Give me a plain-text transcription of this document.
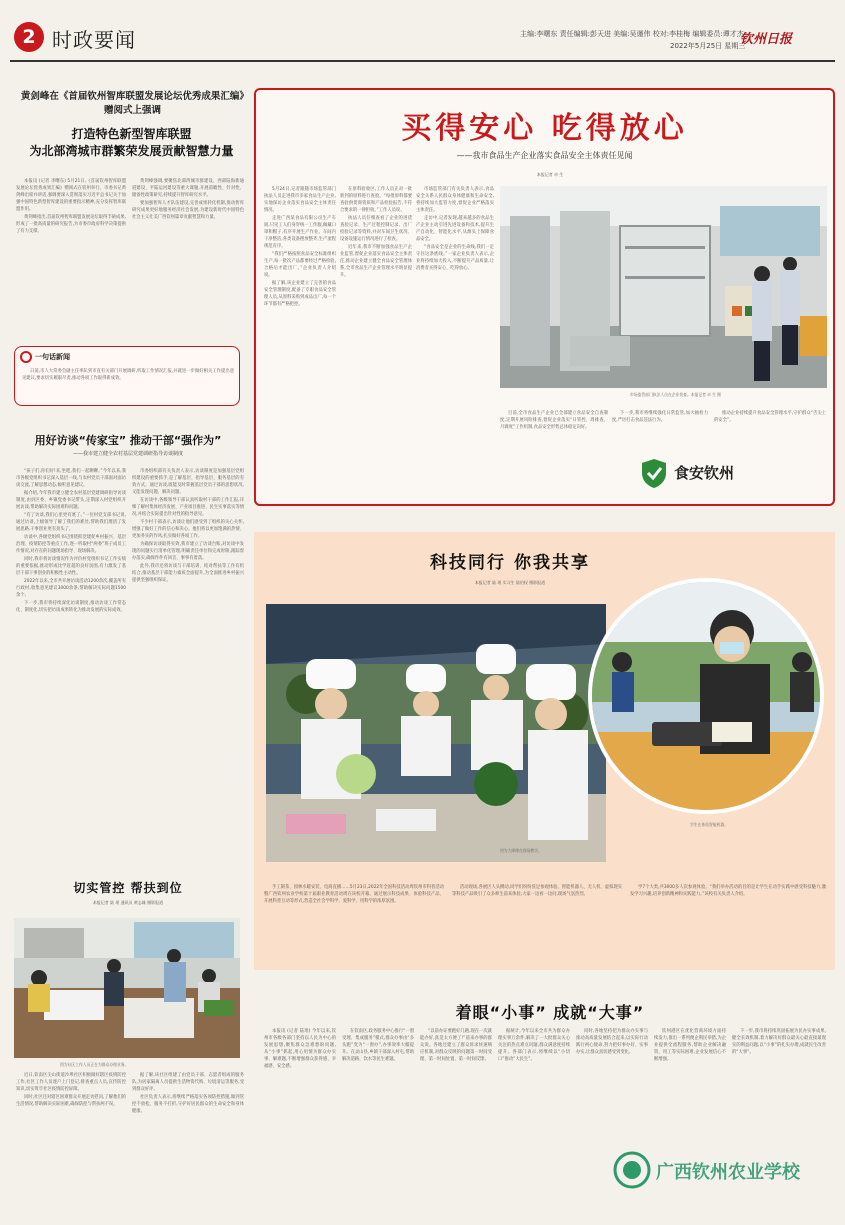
2 时政要闻	主编:李曙东 责任编辑:彭天进 美编:吴谨伟 校对:李桂梅 编辑委员:谭才杰
2022年5月25日 星期三
钦州日报
黄剑峰在《首届钦州智库联盟发展论坛优秀成果汇编》赠阅式上强调
打造特色新型智库联盟
为北部湾城市群繁荣发展贡献智慧力量

本报讯 (记者 李曙东) 5月21日,《首届钦州智库联盟发展论坛优秀成果汇编》赠阅式在钦州举行。市委书记黄剑峰出席并讲话,强调要深入贯彻落实习近平总书记关于加强中国特色新型智库建设的重要指示精神,充分发挥智库联盟作用。

黄剑峰指出,首届钦州智库联盟发展论坛取得丰硕成果,形成了一批高质量的研究报告,为市委市政府科学决策提供了有力支撑。

黄剑峰强调,要聚焦北部湾城市群建设、西部陆海新通道建设、平陆运河建设等重大课题,开展前瞻性、针对性、储备性政策研究,持续提升智库研究水平。

要加强智库人才队伍建设,完善成果转化机制,推动智库研究成果更好地服务经济社会发展,为建设新时代中国特色社会主义壮美广西钦州篇章贡献智慧和力量。

一句话新闻

日前,市人大常委会副主任率队到市直有关部门开展调研,听取工作情况汇报,并就进一步做好相关工作提出意见建议,要求切实履职尽责,推动各项工作取得新成效。

用好访谈“传家宝” 推动干部“强作为”
——我市建立健全农村基层党建调研指导访谈制度

“孩子们,你们好!来,坐吧,我们一起聊聊。”今年以来,我市各级党组织书记深入基层一线,与农村党员干部面对面访谈交流,了解思想动态,倾听意见建议。

据介绍,今年我市建立健全农村基层党建调研指导访谈制度,由县区委、乡镇党委书记带头,定期深入村党组织开展访谈,帮助解决实际困难和问题。

“有了访谈,我们心里更有底了。”一位村党支部书记说,通过访谈,上级领导了解了我们的难处,帮助我们理清了发展思路,干事创业更有劲头了。

访谈中,各级党组织书记围绕抓党建促乡村振兴、基层治理、疫情防控等重点工作,逐一听取村“两委”班子成员工作情况,对存在的问题现场指导、现场解决。

同时,我市将访谈情况作为评价村党组织书记工作实绩的重要依据,推动形成比学赶超的良好氛围,有力激发了基层干部干事创业的积极性主动性。

2022年以来,全市共开展访谈活动1200余次,覆盖所有行政村,收集意见建议3000余条,帮助解决实际问题1500余个。

下一步,我市将持续深化访谈制度,推动访谈工作常态化、制度化,切实把访谈成果转化为推动发展的实际成效。

市委组织部有关负责人表示,访谈制度是加强基层党组织建设的重要抓手,是了解基层、指导基层、服务基层的有效方式。通过访谈,既能及时掌握基层党员干部的思想状况,又能发现问题、解决问题。

在访谈中,各级领导干部认真听取村干部的工作汇报,详细了解村集体经济发展、产业项目推进、民生实事落实等情况,并结合实际提出针对性的指导意见。

不少村干部表示,访谈让他们感受到了组织的关心关怀,增强了做好工作的信心和决心。他们将以更加饱满的热情、更加务实的作风,扎实做好各项工作。

为确保访谈取得实效,我市建立了访谈台账,对访谈中发现的问题实行清单化管理,明确责任单位和完成时限,跟踪督办落实,确保件件有回音、事事有着落。

此外,我市还将访谈与干部培训、结对帮扶等工作有机结合,推动基层干部能力素质全面提升,为全面推进乡村振兴提供坚强组织保证。

切实管控 帮扶到位
本报记者 陆 瑶 通讯员 黄志雄 摄影报道
图为社区工作人员正在为群众办理业务。

近日,钦南区尖山街道沙埠社区积极做好辖区疫情防控工作,社区工作人员逐户上门登记,排查重点人员,宣传防控知识,切实筑牢社区疫情防控屏障。

同时,社区还对辖区困难群众开展走访慰问,了解他们的生活情况,帮助解决实际困难,确保防控与帮扶两不误。

据了解,该社区组建了由党员干部、志愿者组成的服务队,为居家隔离人员提供生活物资代购、垃圾清运等服务,受到群众好评。

社区负责人表示,将继续严格落实各项防控措施,做到管控不放松、服务不打折,守护好居民群众的生命安全和身体健康。

买得安心 吃得放心
——我市食品生产企业落实食品安全主体责任见闻
本报记者 卓 生

5月24日,记者跟随市场监管部门执法人员走进我市多家食品生产企业,实地探访企业落实食品安全主体责任情况。

走进广西某食品有限公司生产车间,只见工人们身穿统一工作服,佩戴口罩和帽子,有序开展生产作业。车间内干净整洁,各类设备摆放整齐,生产流程规范有序。

“我们严格按照食品安全标准组织生产,每一批次产品都要经过严格检验,合格后才能出厂。”企业负责人介绍说。

据了解,该企业建立了完善的食品安全管理制度,配备了专职食品安全管理人员,从原料采购到成品出厂,每一个环节都有严格把控。

在原料验收区,工作人员正对一批新到的原料进行查验。“每批原料都要查验供货商资质和产品检验报告,不符合要求的一律拒收。”工作人员说。

执法人员仔细查看了企业的进货查验记录、生产过程控制记录、出厂检验记录等资料,并对车间卫生状况、设备设施运行情况进行了检查。

近年来,我市不断加强食品生产企业监管,督促企业落实食品安全主体责任,推动企业建立健全食品安全管理体系,全市食品生产企业管理水平明显提升。

市场监管部门有关负责人表示,食品安全关系人民群众身体健康和生命安全,将持续加大监管力度,督促企业严格落实主体责任。

走访中,记者发现,越来越多的食品生产企业主动引进先进设备和技术,提升生产自动化、智能化水平,从源头上保障食品安全。

“食品安全是企业的生命线,我们一定守住这条底线。”一家企业负责人表示,企业将持续加大投入,不断提升产品质量,让消费者买得安心、吃得放心。

市场监管部门执法人员在企业检查。本报记者 卓 生 摄

目前,全市食品生产企业已全部建立食品安全自查制度,定期开展风险排查,督促企业落实“日管控、周排查、月调度”工作机制,食品安全形势总体稳定向好。

下一步,我市将继续强化日常监管,加大抽检力度,严厉打击食品违法行为。

推动企业持续提升食品安全管理水平,守护群众“舌尖上的安全”。

食安钦州
科技同行 你我共享
本报记者 陆 瑶 实习生 陆伯权 摄影报道
图为大师傅在现场教学。
学生在体验智能机器。

手工制茶、园林水暖安装、电商直播……5月23日,2022年全国科技活动周钦州市科普活动暨广西钦州农业学校第十届职业教育活动周在该校开幕。通过展示科技成果、体验科技产品、开展科普互动等形式,营造全社会学科学、爱科学、用科学的浓厚氛围。

活动现场,各展区人头攒动,同学们纷纷驻足参观体验。智能机器人、无人机、虚拟现实等科技产品吸引了众多师生前来体验,大家一边看一边问,现场气氛热烈。

学7个大类,共3000多人次参观体验。“我们举办活动的目的是让学生在动手实践中感受科技魅力,激发学习兴趣,培养创新精神和实践能力。”该校有关负责人介绍。

着眼“小事” 成就“大事”

本报讯 (记者 陆瑶) 今年以来,钦州市各级各部门坚持以人民为中心的发展思想,聚焦群众急难愁盼问题,从“小事”抓起,用心用情为群众办实事、解难题,不断增强群众获得感、幸福感、安全感。

在钦南区,政务服务中心推行“一窗受理、集成服务”模式,群众办事由“多头跑”变为“一窗办”,办事效率大幅提升。在灵山县,乡镇干部深入村屯,帮助解决道路、饮水等民生难题。

“以前办证要跑好几趟,现在一次就能办好,真是太方便了!”前来办事的群众说。各地还建立了群众诉求快速响应机制,对群众反映的问题第一时间受理、第一时间处置、第一时间反馈。

据统计,今年以来全市共为群众办理实事万余件,解决了一大批群众关心关注的热点难点问题,群众满意度持续提升。各部门表示,将继续以“小切口”推动“大民生”。

同时,各地坚持把为群众办实事与推动高质量发展结合起来,以实际行动践行初心使命,努力把好事办好、实事办实,让群众真切感受到变化。

钦州港区在优化营商环境方面持续发力,推出一系列便企利民举措,为企业提供全流程服务,帮助企业解决融资、用工等实际困难,企业发展信心不断增强。

下一步,我市将持续巩固拓展为民办实事成果,健全长效机制,着力解决好群众最关心最直接最现实的利益问题,以“小事”的扎实办理,成就民生改善的“大事”。

广西钦州农业学校
